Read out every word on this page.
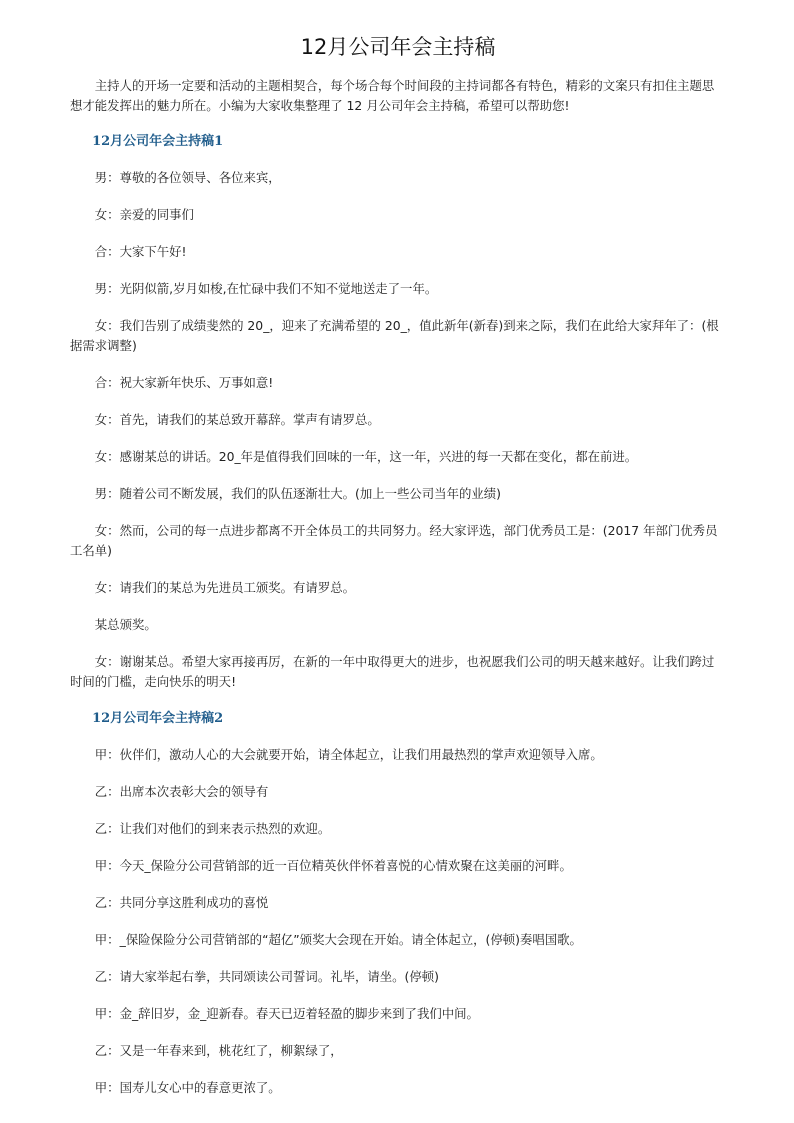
12月公司年会主持稿

主持人的开场一定要和活动的主题相契合，每个场合每个时间段的主持词都各有特色，精彩的文案只有扣住主题思想才能发挥出的魅力所在。小编为大家收集整理了 12 月公司年会主持稿，希望可以帮助您!

12月公司年会主持稿1

男：尊敬的各位领导、各位来宾，

女：亲爱的同事们

合：大家下午好!

男：光阴似箭,岁月如梭,在忙碌中我们不知不觉地送走了一年。

女：我们告别了成绩斐然的 20_，迎来了充满希望的 20_，值此新年(新春)到来之际，我们在此给大家拜年了：(根据需求调整)

合：祝大家新年快乐、万事如意!

女：首先，请我们的某总致开幕辞。掌声有请罗总。

女：感谢某总的讲话。20_年是值得我们回味的一年，这一年，兴进的每一天都在变化，都在前进。

男：随着公司不断发展，我们的队伍逐渐壮大。(加上一些公司当年的业绩)

女：然而，公司的每一点进步都离不开全体员工的共同努力。经大家评选，部门优秀员工是：(2017 年部门优秀员工名单)

女：请我们的某总为先进员工颁奖。有请罗总。

某总颁奖。

女：谢谢某总。希望大家再接再厉，在新的一年中取得更大的进步，也祝愿我们公司的明天越来越好。让我们跨过时间的门槛，走向快乐的明天!

12月公司年会主持稿2

甲：伙伴们，激动人心的大会就要开始，请全体起立，让我们用最热烈的掌声欢迎领导入席。

乙：出席本次表彰大会的领导有

乙：让我们对他们的到来表示热烈的欢迎。

甲：今天_保险分公司营销部的近一百位精英伙伴怀着喜悦的心情欢聚在这美丽的河畔。

乙：共同分享这胜利成功的喜悦

甲：_保险保险分公司营销部的“超亿”颁奖大会现在开始。请全体起立，(停顿)奏唱国歌。

乙：请大家举起右拳，共同颂读公司誓词。礼毕，请坐。(停顿)

甲：金_辞旧岁，金_迎新春。春天已迈着轻盈的脚步来到了我们中间。

乙：又是一年春来到，桃花红了，柳絮绿了，

甲：国寿儿女心中的春意更浓了。
